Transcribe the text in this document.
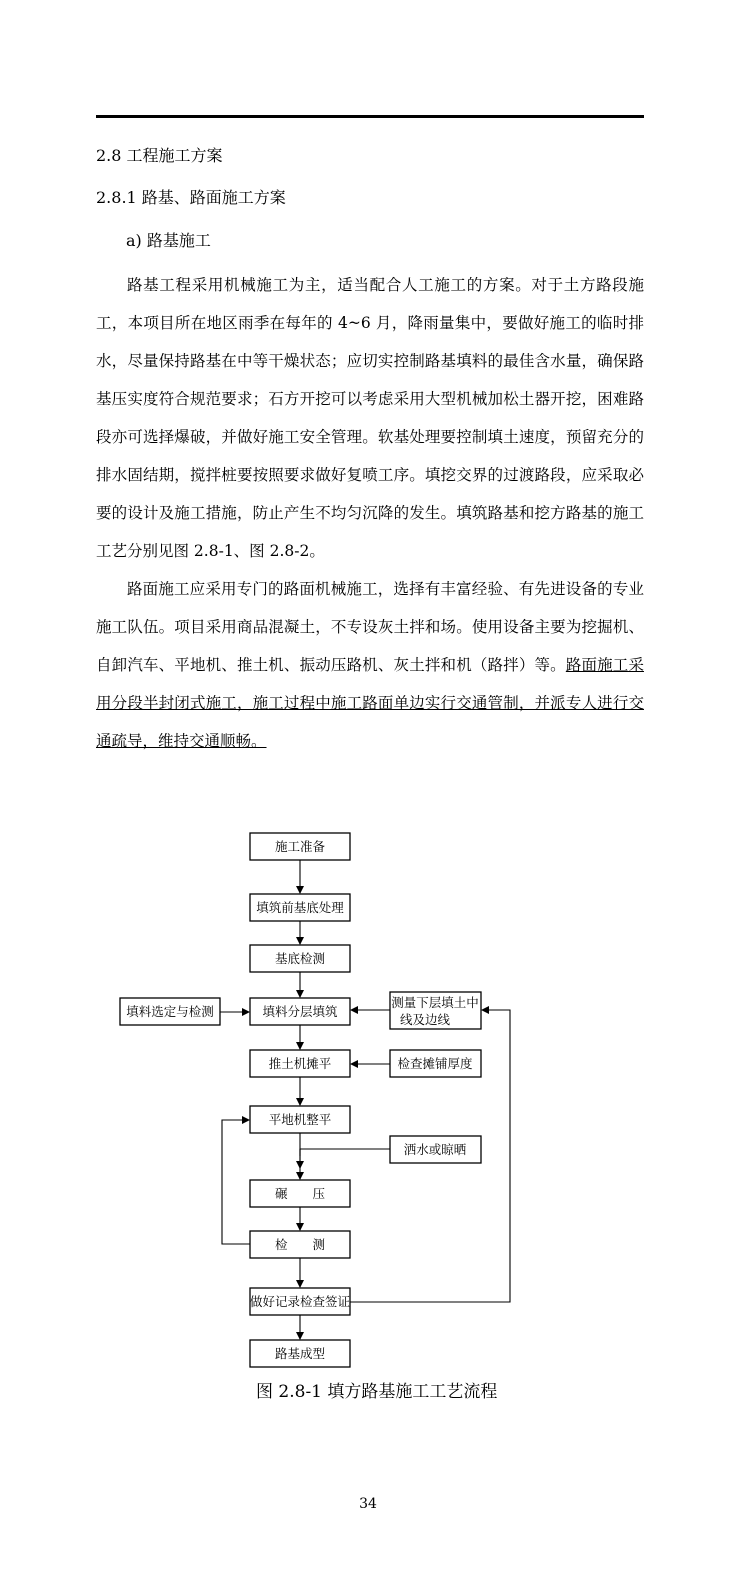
2.8 工程施工方案
2.8.1 路基、路面施工方案
a) 路基施工

路基工程采用机械施工为主，适当配合人工施工的方案。对于土方路段施工，本项目所在地区雨季在每年的 4~6 月，降雨量集中，要做好施工的临时排水，尽量保持路基在中等干燥状态；应切实控制路基填料的最佳含水量，确保路基压实度符合规范要求；石方开挖可以考虑采用大型机械加松土器开挖，困难路段亦可选择爆破，并做好施工安全管理。软基处理要控制填土速度，预留充分的排水固结期，搅拌桩要按照要求做好复喷工序。填挖交界的过渡路段，应采取必要的设计及施工措施，防止产生不均匀沉降的发生。填筑路基和挖方路基的施工工艺分别见图 2.8-1、图 2.8-2。

路面施工应采用专门的路面机械施工，选择有丰富经验、有先进设备的专业施工队伍。项目采用商品混凝土，不专设灰土拌和场。使用设备主要为挖掘机、自卸汽车、平地机、推土机、振动压路机、灰土拌和机（路拌）等。路面施工采用分段半封闭式施工，施工过程中施工路面单边实行交通管制，并派专人进行交通疏导，维持交通顺畅。

施工准备
填筑前基底处理
基底检测
填料分层填筑
推土机摊平
平地机整平
碾　　压
检　　测
做好记录检查签证
路基成型
填料选定与检测
测量下层填土中
线及边线
检查摊铺厚度
洒水或晾晒
图 2.8-1 填方路基施工工艺流程
34
